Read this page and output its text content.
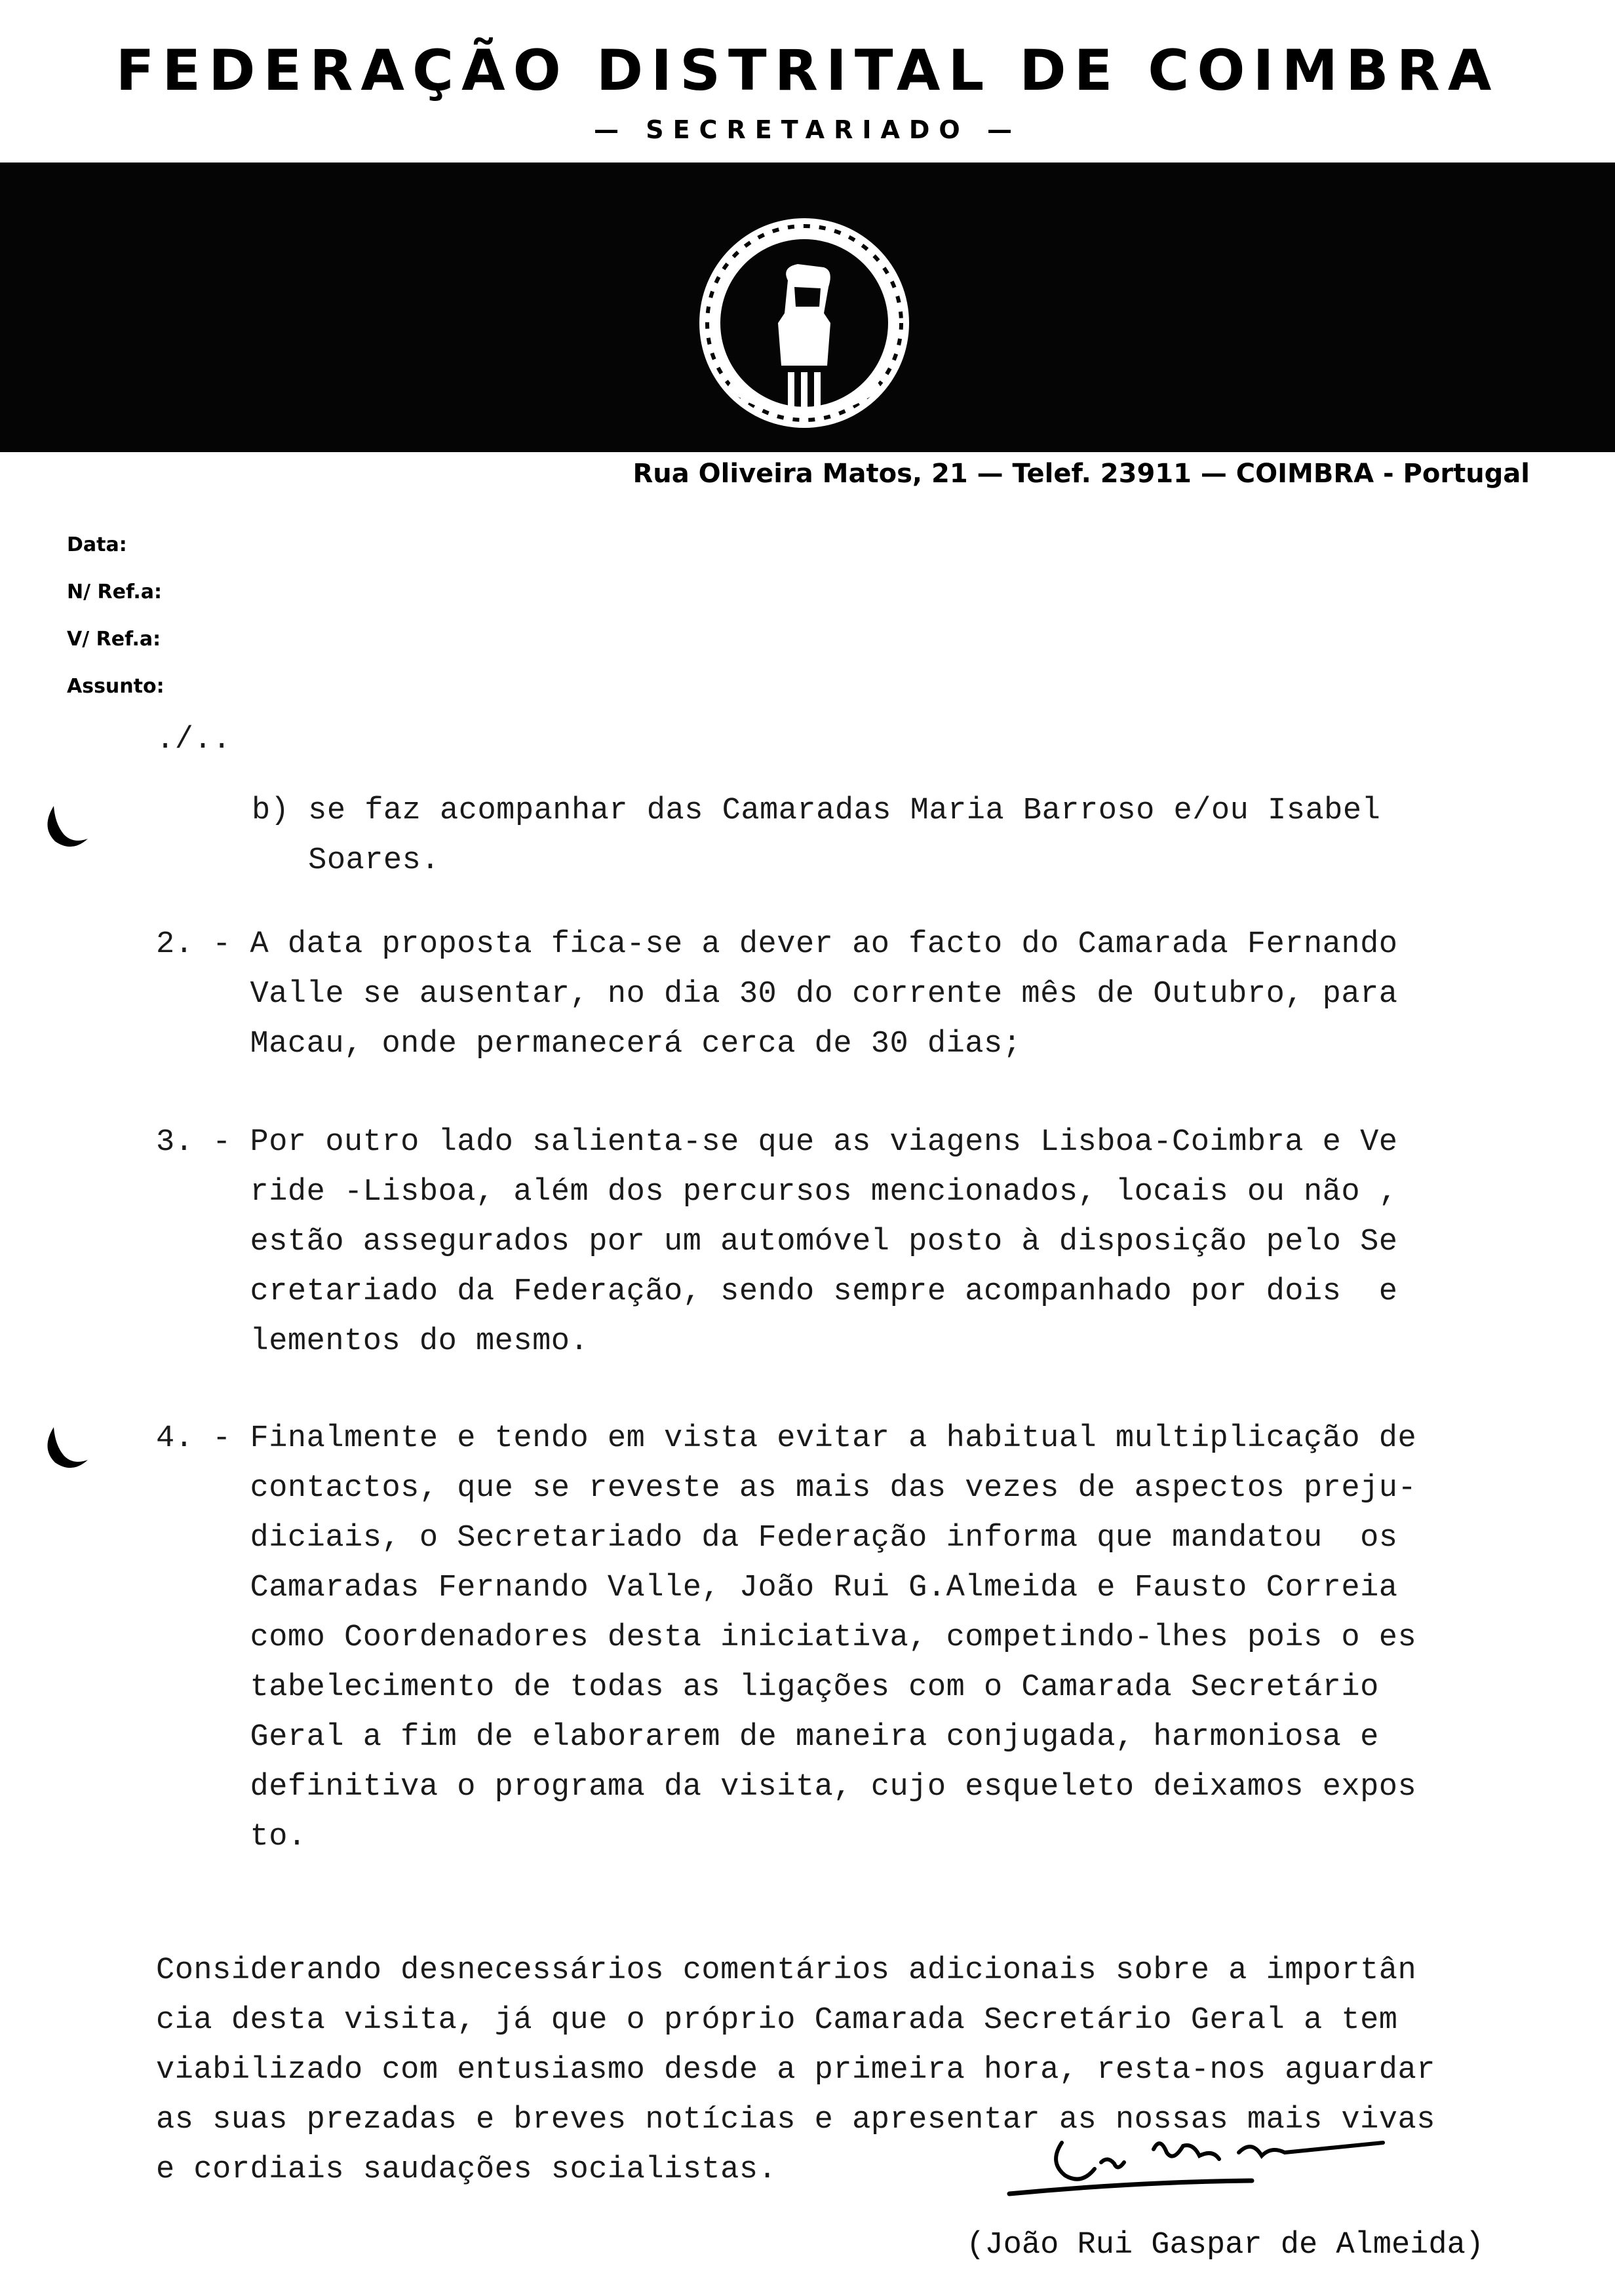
FEDERAÇÃO DISTRITAL DE COIMBRA
— SECRETARIADO —
Rua Oliveira Matos, 21 — Telef. 23911 — COIMBRA - Portugal
Data:
N/ Ref.a:
V/ Ref.a:
Assunto:
./..
b) se faz acompanhar das Camaradas Maria Barroso e/ou Isabel
Soares.
2. - A data proposta fica-se a dever ao facto do Camarada Fernando
Valle se ausentar, no dia 30 do corrente mês de Outubro, para
Macau, onde permanecerá cerca de 30 dias;
3. - Por outro lado salienta-se que as viagens Lisboa-Coimbra e Ve
ride -Lisboa, além dos percursos mencionados, locais ou não ,
estão assegurados por um automóvel posto à disposição pelo Se
cretariado da Federação, sendo sempre acompanhado por dois  e
lementos do mesmo.
4. - Finalmente e tendo em vista evitar a habitual multiplicação de
contactos, que se reveste as mais das vezes de aspectos preju-
diciais, o Secretariado da Federação informa que mandatou  os
Camaradas Fernando Valle, João Rui G.Almeida e Fausto Correia
como Coordenadores desta iniciativa, competindo-lhes pois o es
tabelecimento de todas as ligações com o Camarada Secretário
Geral a fim de elaborarem de maneira conjugada, harmoniosa e
definitiva o programa da visita, cujo esqueleto deixamos expos
to.
Considerando desnecessários comentários adicionais sobre a importân
cia desta visita, já que o próprio Camarada Secretário Geral a tem
viabilizado com entusiasmo desde a primeira hora, resta-nos aguardar
as suas prezadas e breves notícias e apresentar as nossas mais vivas
e cordiais saudações socialistas.
(João Rui Gaspar de Almeida)
